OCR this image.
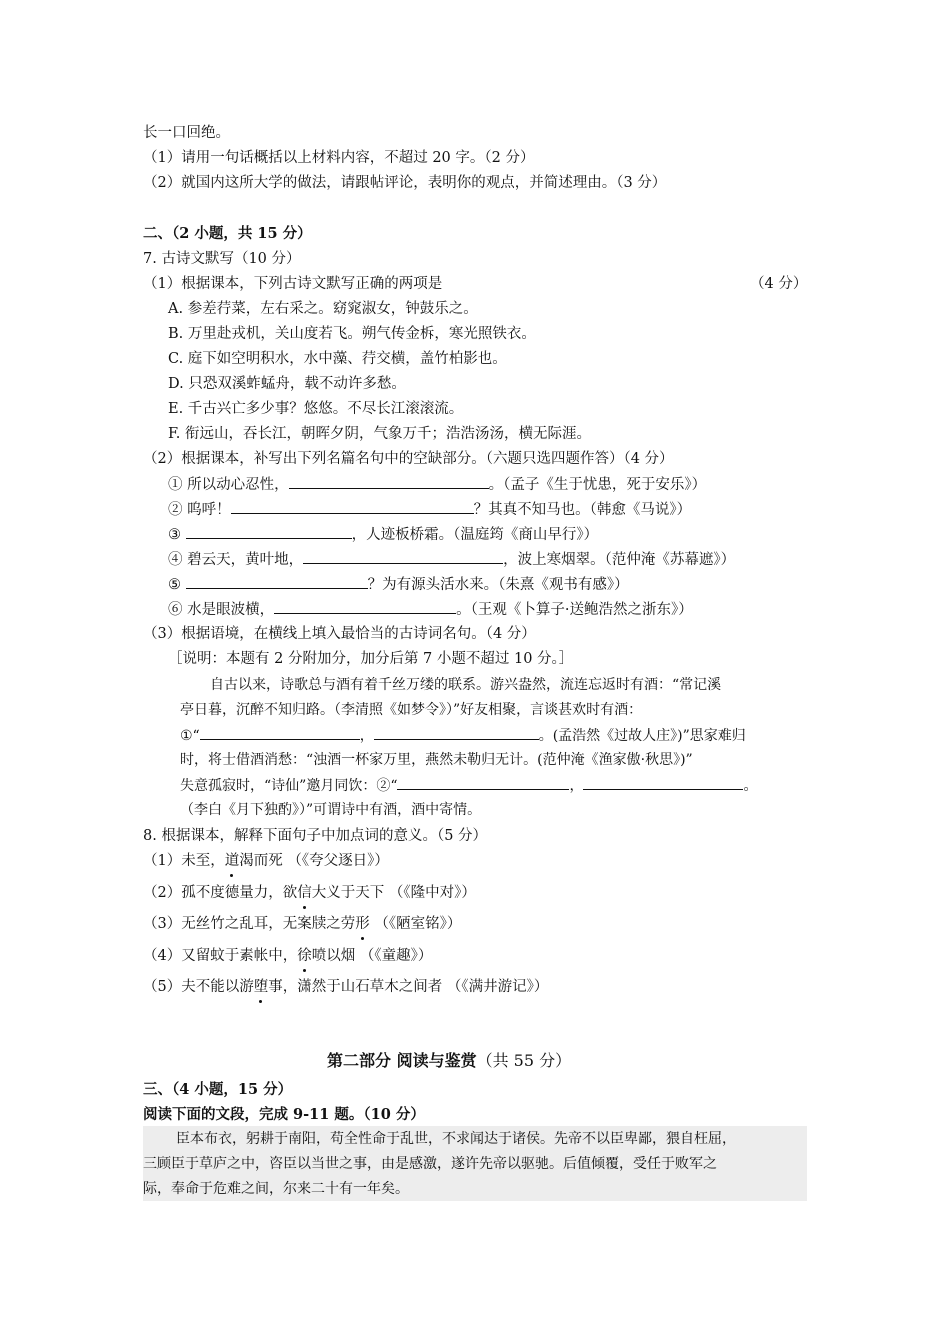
长一口回绝。
（1）请用一句话概括以上材料内容，不超过 20 字。（2 分）
（2）就国内这所大学的做法，请跟帖评论，表明你的观点，并简述理由。（3 分）
二、（2 小题，共 15 分）
7. 古诗文默写（10 分）
（1）根据课本，下列古诗文默写正确的两项是	（4 分）
A. 参差荇菜，左右采之。窈窕淑女，钟鼓乐之。
B. 万里赴戎机，关山度若飞。朔气传金柝，寒光照铁衣。
C. 庭下如空明积水，水中藻、荇交横，盖竹柏影也。
D. 只恐双溪蚱蜢舟，载不动许多愁。
E. 千古兴亡多少事？悠悠。不尽长江滚滚流。
F. 衔远山，吞长江，朝晖夕阴，气象万千；浩浩汤汤，横无际涯。
（2）根据课本，补写出下列名篇名句中的空缺部分。（六题只选四题作答）（4 分）
① 所以动心忍性，	。（孟子《生于忧患，死于安乐》）
② 呜呼！	？其真不知马也。（韩愈《马说》）
③	，人迹板桥霜。（温庭筠《商山早行》）
④ 碧云天，黄叶地，	，波上寒烟翠。（范仲淹《苏幕遮》）
⑤	？为有源头活水来。（朱熹《观书有感》）
⑥ 水是眼波横，	。（王观《卜算子·送鲍浩然之浙东》）
（3）根据语境，在横线上填入最恰当的古诗词名句。（4 分）
［说明：本题有 2 分附加分，加分后第 7 小题不超过 10 分。］
自古以来，诗歌总与酒有着千丝万缕的联系。游兴盎然，流连忘返时有酒：“常记溪
亭日暮，沉醉不知归路。（李清照《如梦令》）”好友相聚，言谈甚欢时有酒：
①“	，	。(孟浩然《过故人庄》)”思家难归
时，将士借酒消愁：“浊酒一杯家万里，燕然未勒归无计。(范仲淹《渔家傲·秋思》)”
失意孤寂时，“诗仙”邀月同饮：②“	，	。
（李白《月下独酌》）”可谓诗中有酒，酒中寄情。
8. 根据课本，解释下面句子中加点词的意义。（5 分）
（1）未至，道渴而死 （《夸父逐日》）
（2）孤不度德量力，欲信大义于天下 （《隆中对》）
（3）无丝竹之乱耳，无案牍之劳形 （《陋室铭》）
（4）又留蚊于素帐中，徐喷以烟 （《童趣》）
（5）夫不能以游堕事，潇然于山石草木之间者 （《满井游记》）
第二部分 阅读与鉴赏（共 55 分）
三、（4 小题，15 分）
阅读下面的文段，完成 9-11 题。（10 分）
臣本布衣，躬耕于南阳，苟全性命于乱世，不求闻达于诸侯。先帝不以臣卑鄙，猥自枉屈，
三顾臣于草庐之中，咨臣以当世之事，由是感激，遂许先帝以驱驰。后值倾覆，受任于败军之
际，奉命于危难之间，尔来二十有一年矣。
